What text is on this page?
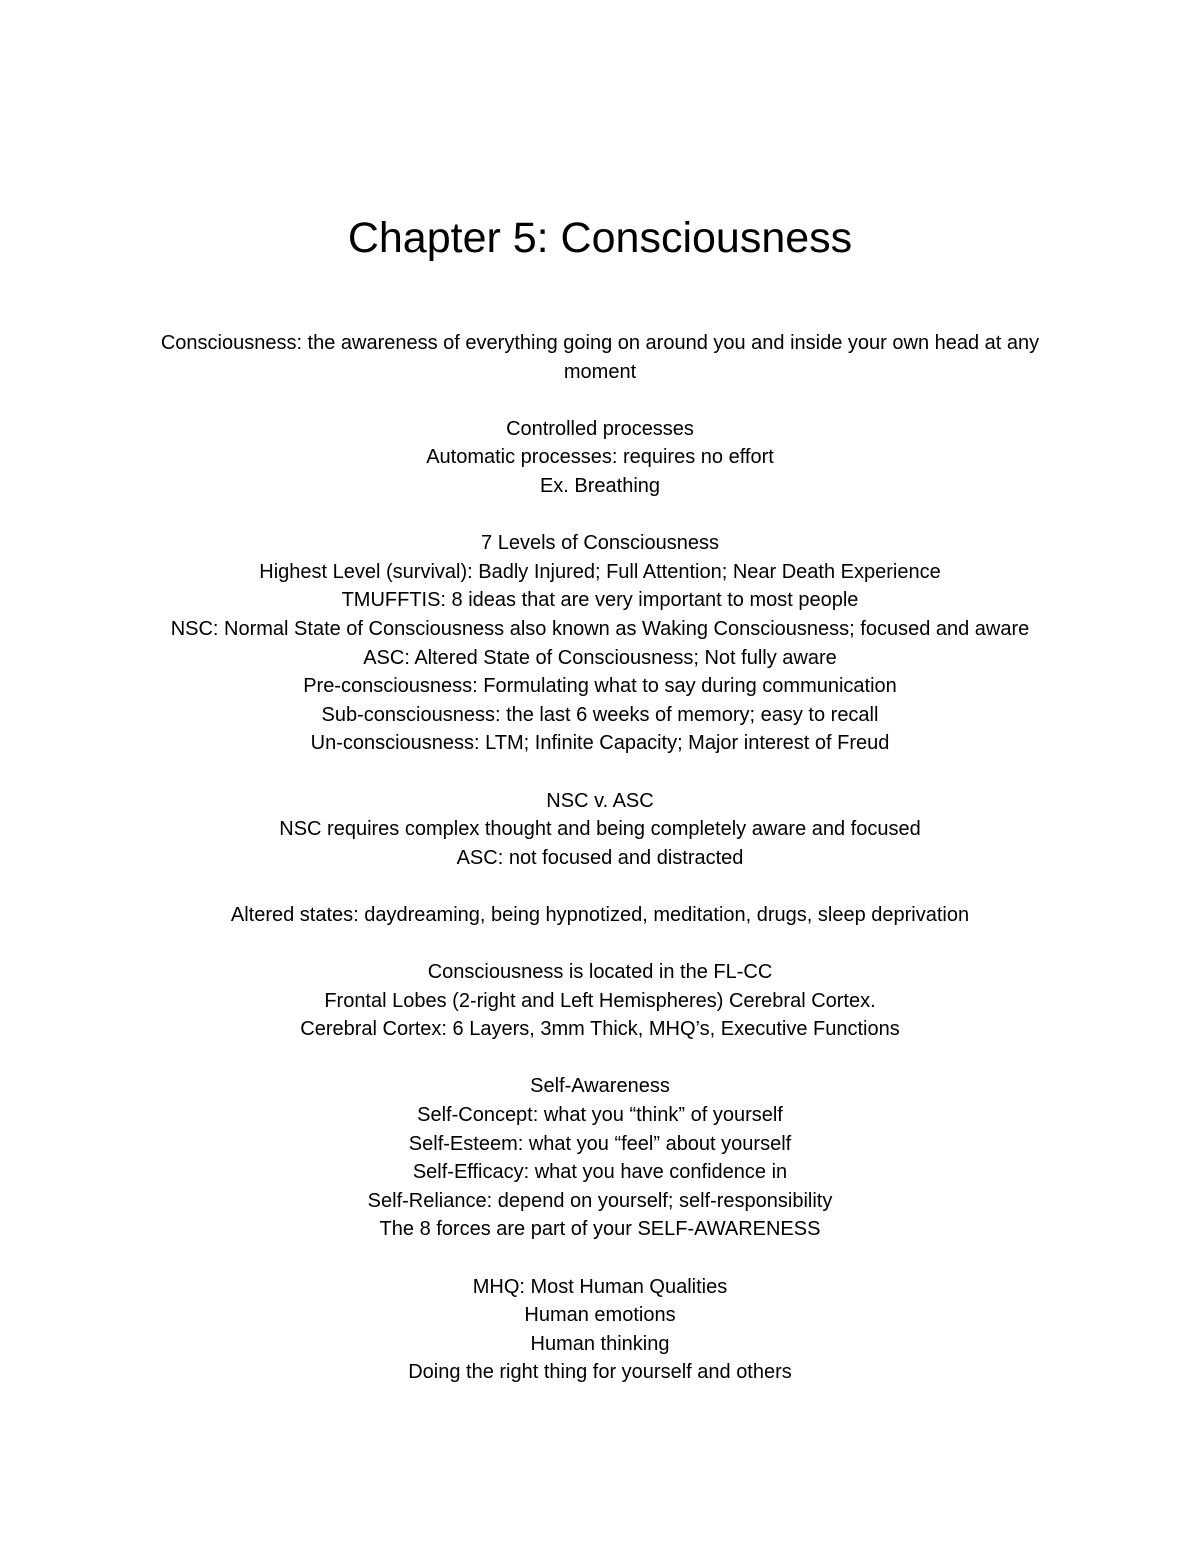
Chapter 5: Consciousness
Consciousness: the awareness of everything going on around you and inside your own head at any moment
Controlled processes
Automatic processes: requires no effort
Ex. Breathing
7 Levels of Consciousness
Highest Level (survival): Badly Injured; Full Attention; Near Death Experience
TMUFFTIS: 8 ideas that are very important to most people
NSC: Normal State of Consciousness also known as Waking Consciousness; focused and aware
ASC: Altered State of Consciousness; Not fully aware
Pre-consciousness: Formulating what to say during communication
Sub-consciousness: the last 6 weeks of memory; easy to recall
Un-consciousness: LTM; Infinite Capacity; Major interest of Freud
NSC v. ASC
NSC requires complex thought and being completely aware and focused
ASC: not focused and distracted
Altered states: daydreaming, being hypnotized, meditation, drugs, sleep deprivation
Consciousness is located in the FL-CC
Frontal Lobes (2-right and Left Hemispheres) Cerebral Cortex.
Cerebral Cortex: 6 Layers, 3mm Thick, MHQ’s, Executive Functions
Self-Awareness
Self-Concept: what you “think” of yourself
Self-Esteem: what you “feel” about yourself
Self-Efficacy: what you have confidence in
Self-Reliance: depend on yourself; self-responsibility
The 8 forces are part of your SELF-AWARENESS
MHQ: Most Human Qualities
Human emotions
Human thinking
Doing the right thing for yourself and others
